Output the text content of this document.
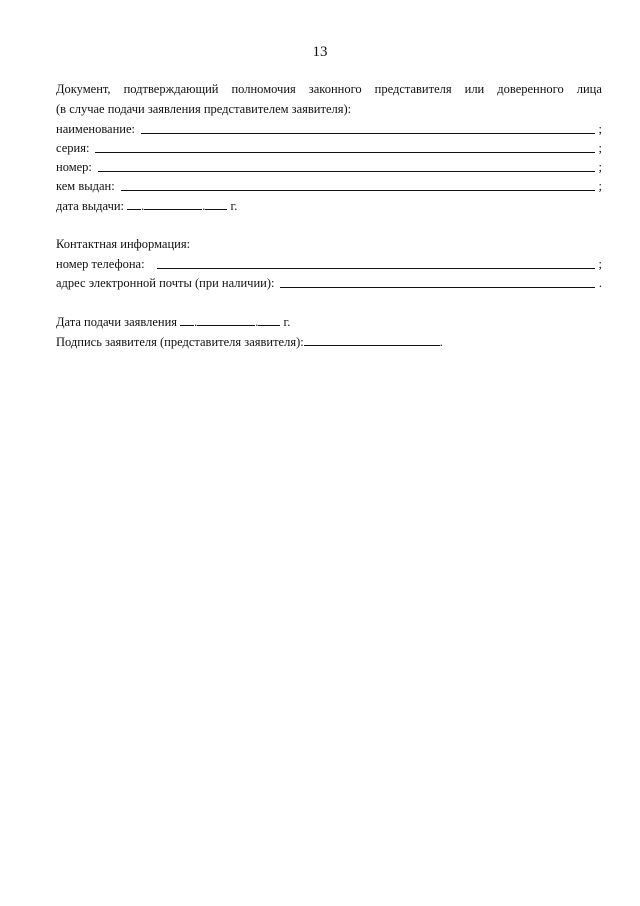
13
Документ, подтверждающий полномочия законного представителя или доверенного лица
(в случае подачи заявления представителем заявителя):
наименование:	;
серия:	;
номер:	;
кем выдан:	;
дата выдачи: .	. г.
Контактная информация:
номер телефона:	;
адрес электронной почты (при наличии):	.
Дата подачи заявления .	. г.
Подпись заявителя (представителя заявителя):	.
